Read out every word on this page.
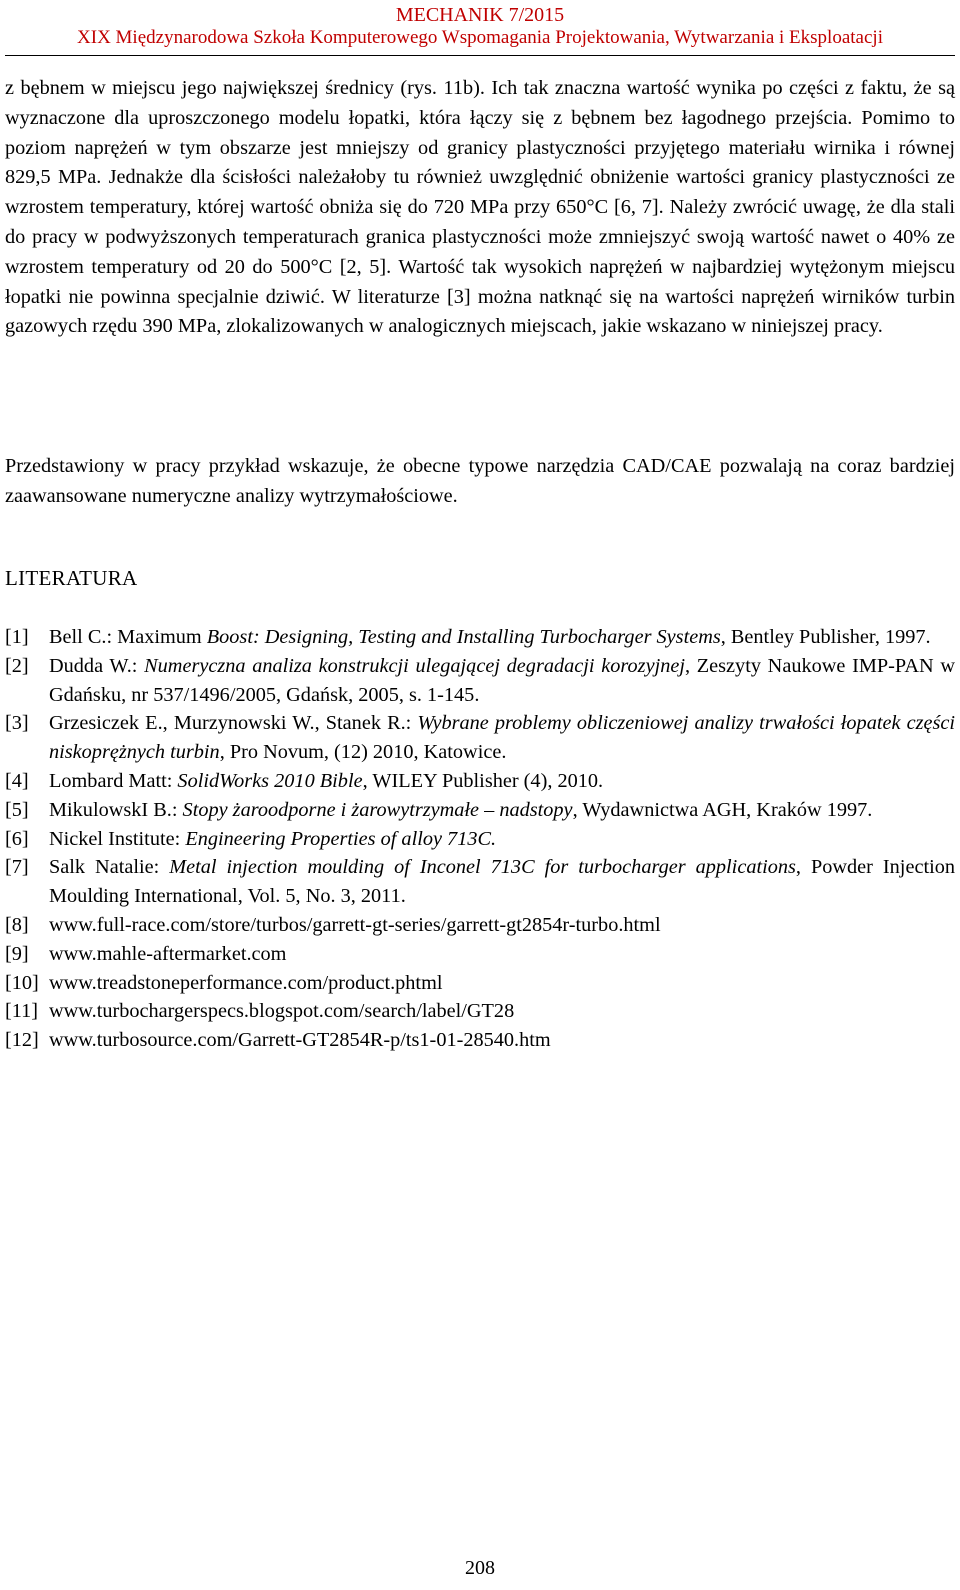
MECHANIK 7/2015
XIX Międzynarodowa Szkoła Komputerowego Wspomagania Projektowania, Wytwarzania i Eksploatacji

z bębnem w miejscu jego największej średnicy (rys. 11b). Ich tak znaczna wartość wynika po części z faktu, że są wyznaczone dla uproszczonego modelu łopatki, która łączy się z bębnem bez łagodnego przejścia. Pomimo to poziom naprężeń w tym obszarze jest mniejszy od granicy plastyczności przyjętego materiału wirnika i równej 829,5 MPa. Jednakże dla ścisłości należałoby tu również uwzględnić obniżenie wartości granicy plastyczności ze wzrostem temperatury, której wartość obniża się do 720 MPa przy 650°C [6, 7]. Należy zwrócić uwagę, że dla stali do pracy w podwyższonych temperaturach granica plastyczności może zmniejszyć swoją wartość nawet o 40% ze wzrostem temperatury od 20 do 500°C [2, 5]. Wartość tak wysokich naprężeń w najbardziej wytężonym miejscu łopatki nie powinna specjalnie dziwić. W literaturze [3] można natknąć się na wartości naprężeń wirników turbin gazowych rzędu 390 MPa, zlokalizowanych w analogicznych miejscach, jakie wskazano w niniejszej pracy.

Przedstawiony w pracy przykład wskazuje, że obecne typowe narzędzia CAD/CAE pozwalają na coraz bardziej zaawansowane numeryczne analizy wytrzymałościowe.

LITERATURA
[1]	Bell C.: Maximum Boost: Designing, Testing and Installing Turbocharger Systems, Bentley Publisher, 1997.
[2]	Dudda W.: Numeryczna analiza konstrukcji ulegającej degradacji korozyjnej, Zeszyty Naukowe IMP-PAN w Gdańsku, nr 537/1496/2005, Gdańsk, 2005, s. 1-145.
[3]	Grzesiczek E., Murzynowski W., Stanek R.: Wybrane problemy obliczeniowej analizy trwałości łopatek części niskoprężnych turbin, Pro Novum, (12) 2010, Katowice.
[4]	Lombard Matt: SolidWorks 2010 Bible, WILEY Publisher (4), 2010.
[5]	MikulowskI B.: Stopy żaroodporne i żarowytrzymałe – nadstopy, Wydawnictwa AGH, Kraków 1997.
[6]	Nickel Institute: Engineering Properties of alloy 713C.
[7]	Salk Natalie: Metal injection moulding of Inconel 713C for turbocharger applications, Powder Injection Moulding International, Vol. 5, No. 3, 2011.
[8]	www.full-race.com/store/turbos/garrett-gt-series/garrett-gt2854r-turbo.html
[9]	www.mahle-aftermarket.com
[10] www.treadstoneperformance.com/product.phtml
[11] www.turbochargerspecs.blogspot.com/search/label/GT28
[12] www.turbosource.com/Garrett-GT2854R-p/ts1-01-28540.htm
208
